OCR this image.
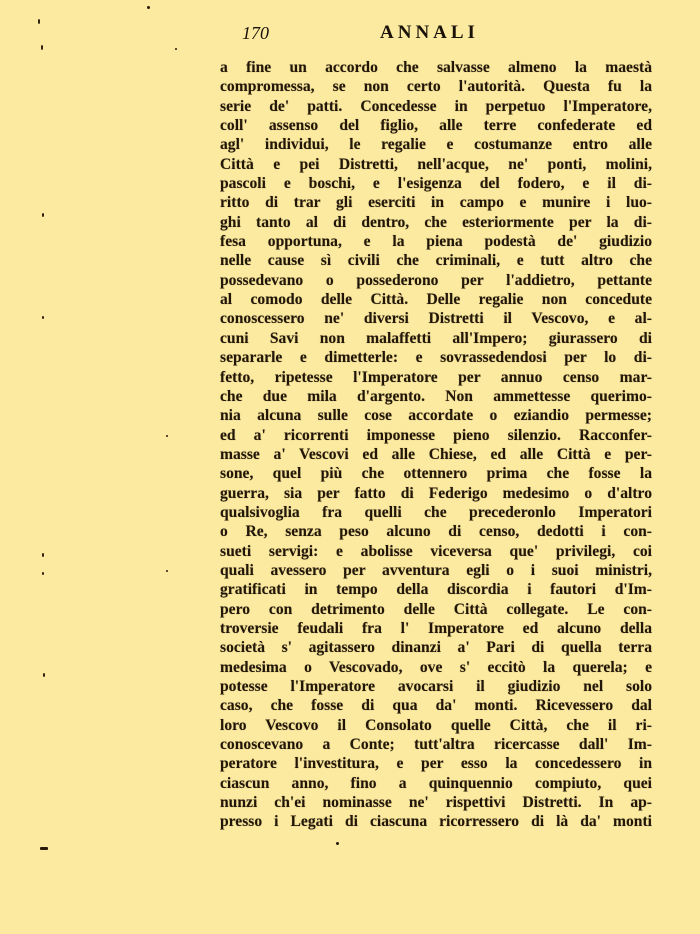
170	ANNALI
a fine un accordo che salvasse almeno la maestà
compromessa, se non certo l'autorità. Questa fu la
serie de' patti. Concedesse in perpetuo l'Imperatore,
coll' assenso del figlio, alle terre confederate ed
agl' individui, le regalie e costumanze entro alle
Città e pei Distretti, nell'acque, ne' ponti, molini,
pascoli e boschi, e l'esigenza del fodero, e il di-
ritto di trar gli eserciti in campo e munire i luo-
ghi tanto al di dentro, che esteriormente per la di-
fesa opportuna, e la piena podestà de' giudizio
nelle cause sì civili che criminali, e tutt altro che
possedevano o possederono per l'addietro, pettante
al comodo delle Città. Delle regalie non concedute
conoscessero ne' diversi Distretti il Vescovo, e al-
cuni Savi non malaffetti all'Impero; giurassero di
separarle e dimetterle: e sovrassedendosi per lo di-
fetto, ripetesse l'Imperatore per annuo censo mar-
che due mila d'argento. Non ammettesse querimo-
nia alcuna sulle cose accordate o eziandio permesse;
ed a' ricorrenti imponesse pieno silenzio. Racconfer-
masse a' Vescovi ed alle Chiese, ed alle Città e per-
sone, quel più che ottennero prima che fosse la
guerra, sia per fatto di Federigo medesimo o d'altro
qualsivoglia fra quelli che precederonlo Imperatori
o Re, senza peso alcuno di censo, dedotti i con-
sueti servigi: e abolisse viceversa que' privilegi, coi
quali avessero per avventura egli o i suoi ministri,
gratificati in tempo della discordia i fautori d'Im-
pero con detrimento delle Città collegate. Le con-
troversie feudali fra l' Imperatore ed alcuno della
società s' agitassero dinanzi a' Pari di quella terra
medesima o Vescovado, ove s' eccitò la querela; e
potesse l'Imperatore avocarsi il giudizio nel solo
caso, che fosse di qua da' monti. Ricevessero dal
loro Vescovo il Consolato quelle Città, che il ri-
conoscevano a Conte; tutt'altra ricercasse dall' Im-
peratore l'investitura, e per esso la concedessero in
ciascun anno, fino a quinquennio compiuto, quei
nunzi ch'ei nominasse ne' rispettivi Distretti. In ap-
presso i Legati di ciascuna ricorressero di là da' monti
